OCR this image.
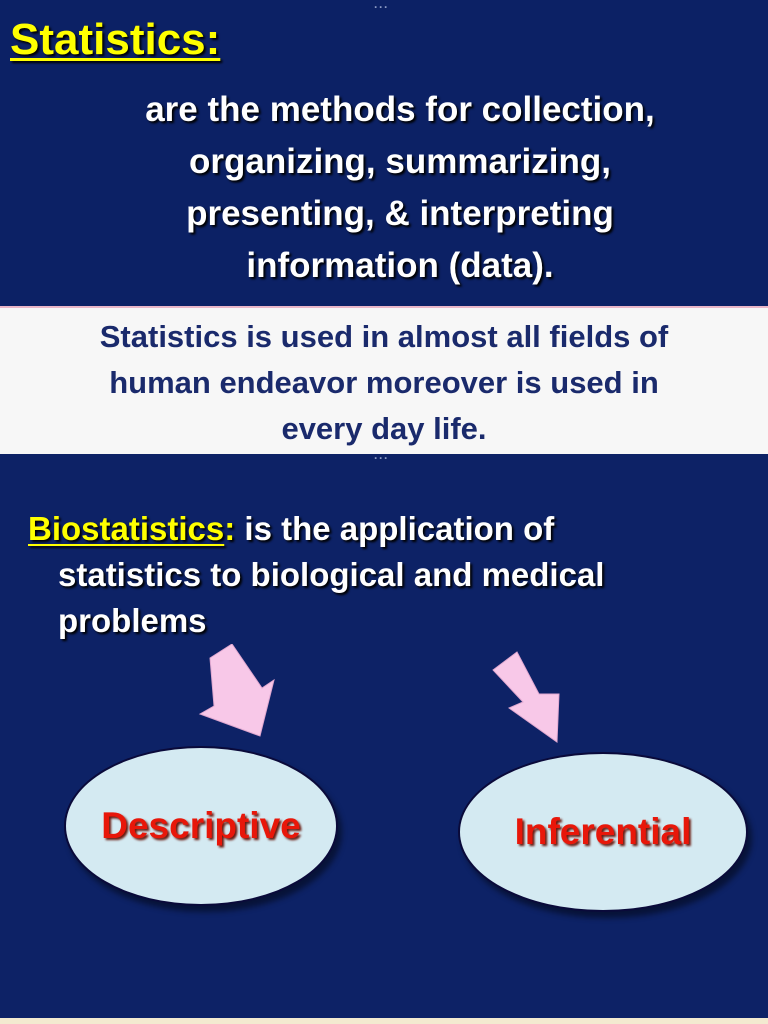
···
Statistics:
are the methods for collection,
organizing, summarizing,
presenting, & interpreting
information (data).
Statistics is used in almost all fields of
human endeavor moreover is used in
every day life.
···
Biostatistics: is the application of
statistics to biological and medical
problems
Descriptive	Inferential
